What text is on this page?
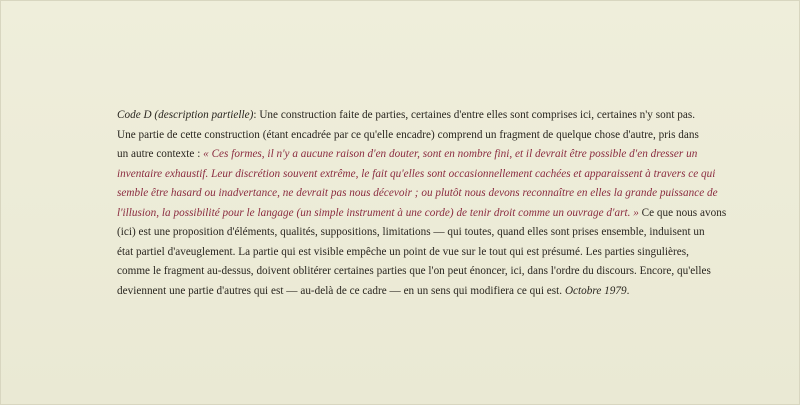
Code D (description partielle): Une construction faite de parties, certaines d'entre elles sont comprises ici, certaines n'y sont pas.
Une partie de cette construction (étant encadrée par ce qu'elle encadre) comprend un fragment de quelque chose d'autre, pris dans
un autre contexte : « Ces formes, il n'y a aucune raison d'en douter, sont en nombre fini, et il devrait être possible d'en dresser un
inventaire exhaustif. Leur discrétion souvent extrême, le fait qu'elles sont occasionnellement cachées et apparaissent à travers ce qui
semble être hasard ou inadvertance, ne devrait pas nous décevoir ; ou plutôt nous devons reconnaître en elles la grande puissance de
l'illusion, la possibilité pour le langage (un simple instrument à une corde) de tenir droit comme un ouvrage d'art. » Ce que nous avons
(ici) est une proposition d'éléments, qualités, suppositions, limitations — qui toutes, quand elles sont prises ensemble, induisent un
état partiel d'aveuglement. La partie qui est visible empêche un point de vue sur le tout qui est présumé. Les parties singulières,
comme le fragment au-dessus, doivent oblitérer certaines parties que l'on peut énoncer, ici, dans l'ordre du discours. Encore, qu'elles
deviennent une partie d'autres qui est — au-delà de ce cadre — en un sens qui modifiera ce qui est. Octobre 1979.
